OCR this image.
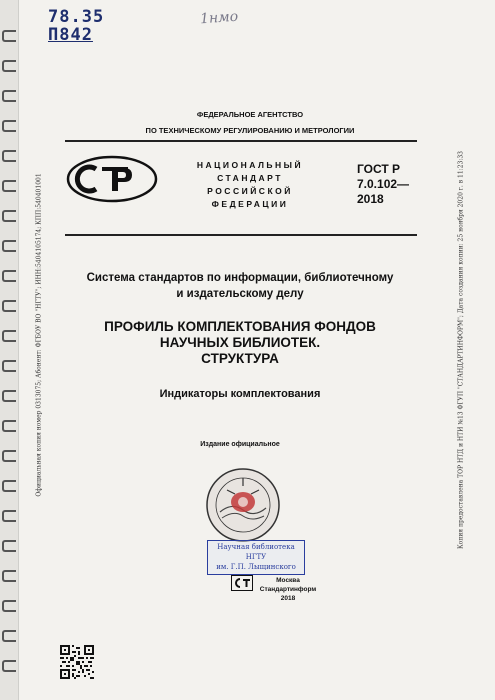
78.35
П842
1нмо
Официальная копия номер 0313075; Абонент: ФГБОУ ВО "НГТУ"; ИНН:5404105174; КПП:540401001	Копия предоставлена ТОР НТД и НТИ №13 ФГУП "СТАНДАРТИНФОРМ"; Дата создания копии: 25 ноября 2020 г. в 11:23:33
ФЕДЕРАЛЬНОЕ АГЕНТСТВО
ПО ТЕХНИЧЕСКОМУ РЕГУЛИРОВАНИЮ И МЕТРОЛОГИИ
НАЦИОНАЛЬНЫЙ
СТАНДАРТ
РОССИЙСКОЙ
ФЕДЕРАЦИИ
ГОСТ Р
7.0.102—
2018
Система стандартов по информации, библиотечному
и издательскому делу
ПРОФИЛЬ КОМПЛЕКТОВАНИЯ ФОНДОВ
НАУЧНЫХ БИБЛИОТЕК.
СТРУКТУРА
Индикаторы комплектования
Издание официальное
Научная библиотека
НГТУ
им. Г.П. Лыщинского
Москва
Стандартинформ
2018
